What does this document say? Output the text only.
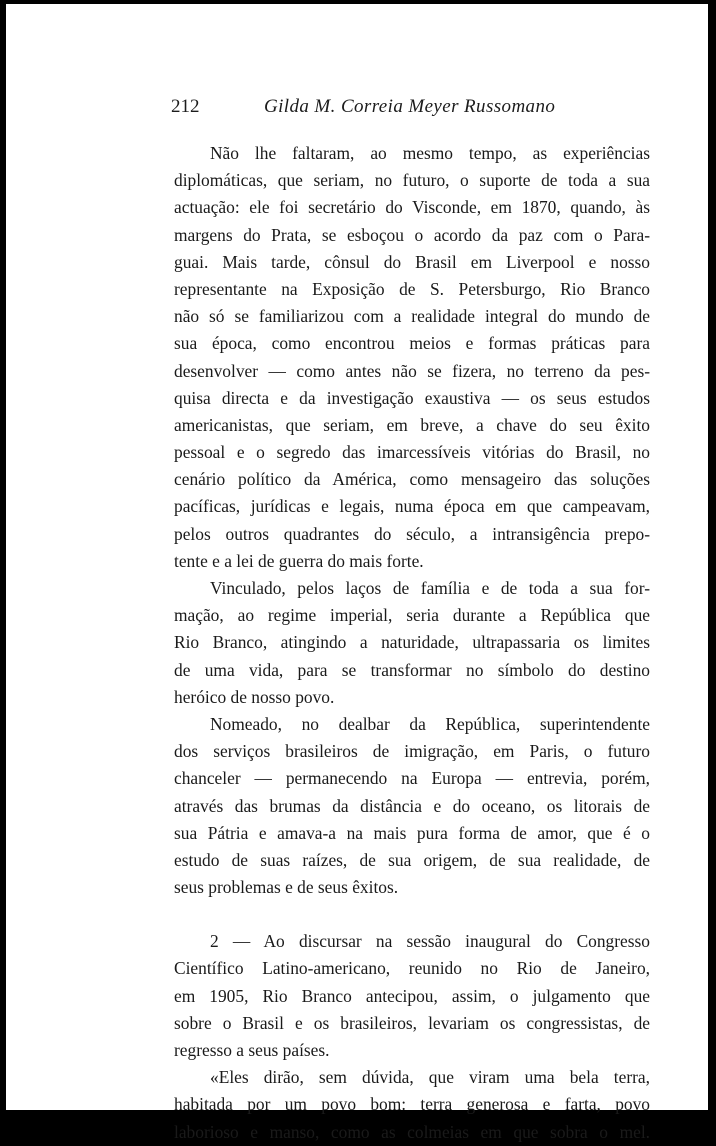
212	Gilda M. Correia Meyer Russomano
Não lhe faltaram, ao mesmo tempo, as experiências
diplomáticas, que seriam, no futuro, o suporte de toda a sua
actuação: ele foi secretário do Visconde, em 1870, quando, às
margens do Prata, se esboçou o acordo da paz com o Para-
guai. Mais tarde, cônsul do Brasil em Liverpool e nosso
representante na Exposição de S. Petersburgo, Rio Branco
não só se familiarizou com a realidade integral do mundo de
sua época, como encontrou meios e formas práticas para
desenvolver — como antes não se fizera, no terreno da pes-
quisa directa e da investigação exaustiva — os seus estudos
americanistas, que seriam, em breve, a chave do seu êxito
pessoal e o segredo das imarcessíveis vitórias do Brasil, no
cenário político da América, como mensageiro das soluções
pacíficas, jurídicas e legais, numa época em que campeavam,
pelos outros quadrantes do século, a intransigência prepo-
tente e a lei de guerra do mais forte.
Vinculado, pelos laços de família e de toda a sua for-
mação, ao regime imperial, seria durante a República que
Rio Branco, atingindo a naturidade, ultrapassaria os limites
de uma vida, para se transformar no símbolo do destino
heróico de nosso povo.
Nomeado, no dealbar da República, superintendente
dos serviços brasileiros de imigração, em Paris, o futuro
chanceler — permanecendo na Europa — entrevia, porém,
através das brumas da distância e do oceano, os litorais de
sua Pátria e amava-a na mais pura forma de amor, que é o
estudo de suas raízes, de sua origem, de sua realidade, de
seus problemas e de seus êxitos.
2 — Ao discursar na sessão inaugural do Congresso
Científico Latino-americano, reunido no Rio de Janeiro,
em 1905, Rio Branco antecipou, assim, o julgamento que
sobre o Brasil e os brasileiros, levariam os congressistas, de
regresso a seus países.
«Eles dirão, sem dúvida, que viram uma bela terra,
habitada por um povo bom: terra generosa e farta, povo
laborioso e manso, como as colmeias em que sobra o mel.
